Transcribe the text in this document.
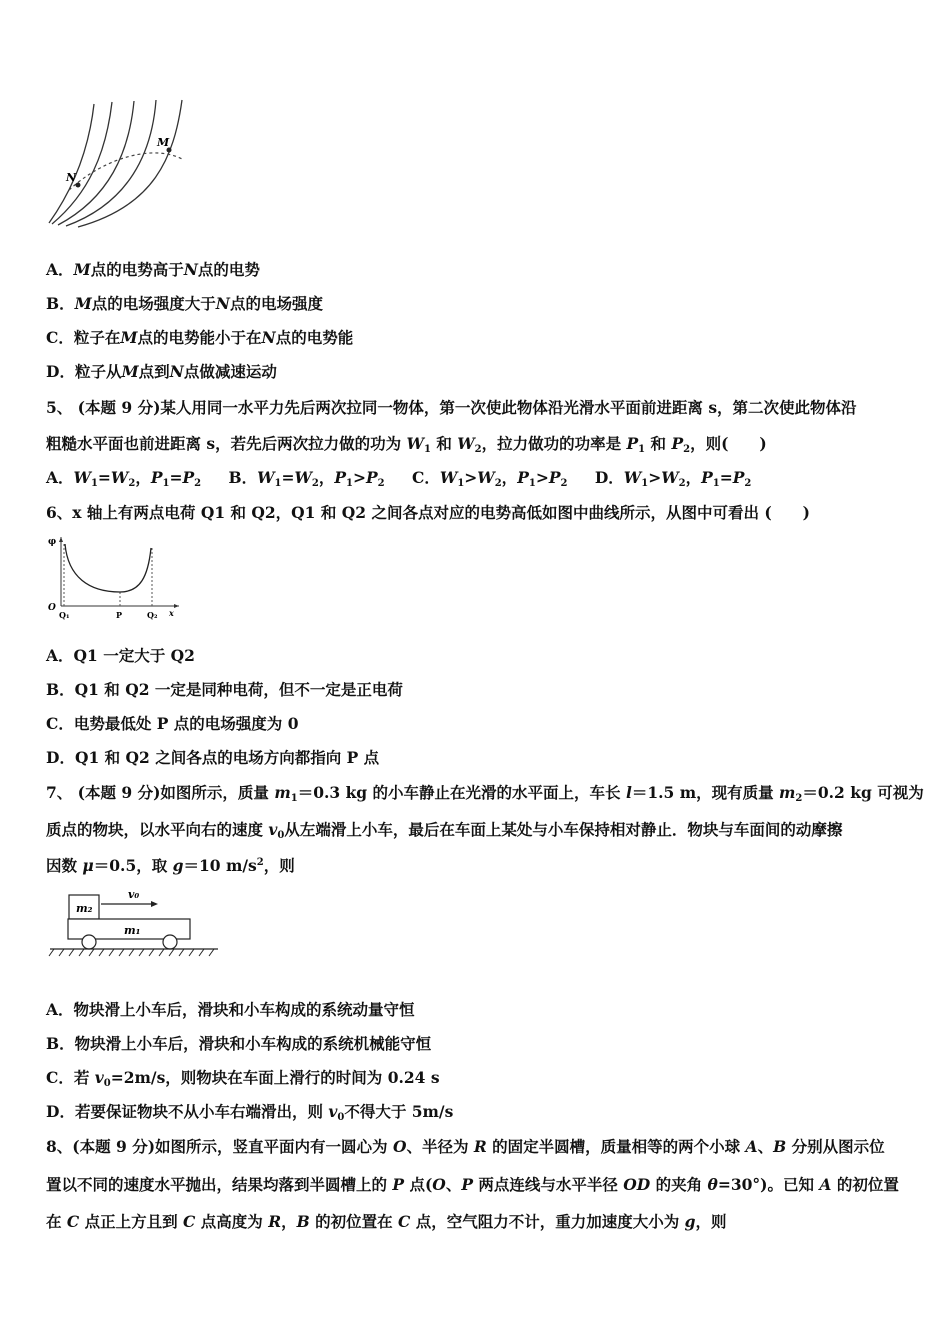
N
M
A．M点的电势高于N点的电势
B．M点的电场强度大于N点的电场强度
C．粒子在M点的电势能小于在N点的电势能
D．粒子从M点到N点做减速运动
5、 (本题 9 分)某人用同一水平力先后两次拉同一物体，第一次使此物体沿光滑水平面前进距离 s，第二次使此物体沿
粗糙水平面也前进距离 s，若先后两次拉力做的功为 $W_1$ 和 $W_2$，拉力做功的功率是 $P_1$ 和 $P_2$，则(　　)
A．$W_1=W_2$，$P_1=P_2$ B．$W_1=W_2$，$P_1>P_2$ C．$W_1>W_2$，$P_1>P_2$ D．$W_1>W_2$，$P_1=P_2$
6、x 轴上有两点电荷 Q1 和 Q2，Q1 和 Q2 之间各点对应的电势高低如图中曲线所示，从图中可看出 (　　)
φ
O
Q₁	P	Q₂ x
A．Q1 一定大于 Q2
B．Q1 和 Q2 一定是同种电荷，但不一定是正电荷
C．电势最低处 P 点的电场强度为 0
D．Q1 和 Q2 之间各点的电场方向都指向 P 点
7、 (本题 9 分)如图所示，质量 $m_1=0.3$ kg 的小车静止在光滑的水平面上，车长 l＝1.5 m，现有质量 $m_2=0.2$ kg 可视为
质点的物块，以水平向右的速度 $v_0$从左端滑上小车，最后在车面上某处与小车保持相对静止．物块与车面间的动摩擦
因数 μ＝0.5，取 g＝10 $m/s^2$，则
m₂
v₀
m₁
A．物块滑上小车后，滑块和小车构成的系统动量守恒
B．物块滑上小车后，滑块和小车构成的系统机械能守恒
C．若 $v_0=2m/s$，则物块在车面上滑行的时间为 0.24 s
D．若要保证物块不从小车右端滑出，则 $v_0$不得大于 5m/s
8、(本题 9 分)如图所示，竖直平面内有一圆心为 O、半径为 R 的固定半圆槽，质量相等的两个小球 A、B 分别从图示位
置以不同的速度水平抛出，结果均落到半圆槽上的 P 点(O、P 两点连线与水平半径 OD 的夹角 θ=30°)。已知 A 的初位置
在 C 点正上方且到 C 点高度为 R，B 的初位置在 C 点，空气阻力不计，重力加速度大小为 g，则
